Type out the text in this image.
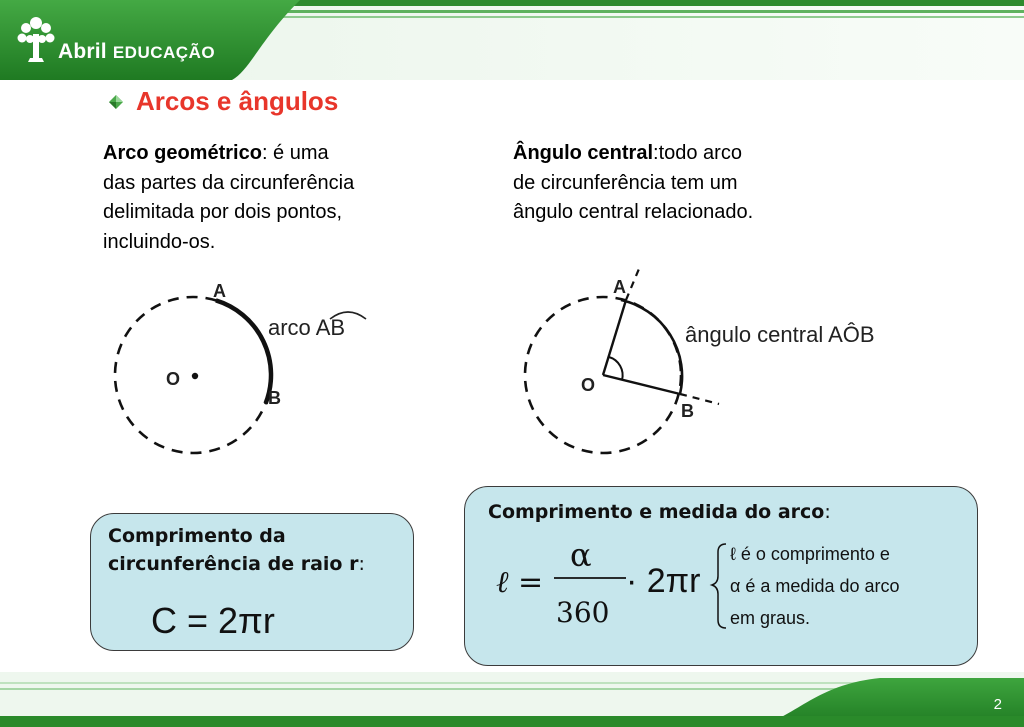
Abril EDUCAÇÃO
Arcos e ângulos
Arco geométrico: é uma
das partes da circunferência
delimitada por dois pontos,
incluindo-os.
Ângulo central:todo arco
de circunferência tem um
ângulo central relacionado.
A
B
O
arco AB
A
B
O
ângulo central AÔB
Comprimento da
circunferência de raio r:
C = 2πr
Comprimento e medida do arco:
ℓ =
α
360
· 2πr
ℓ é o comprimento e
α é a medida do arco
em graus.
2
